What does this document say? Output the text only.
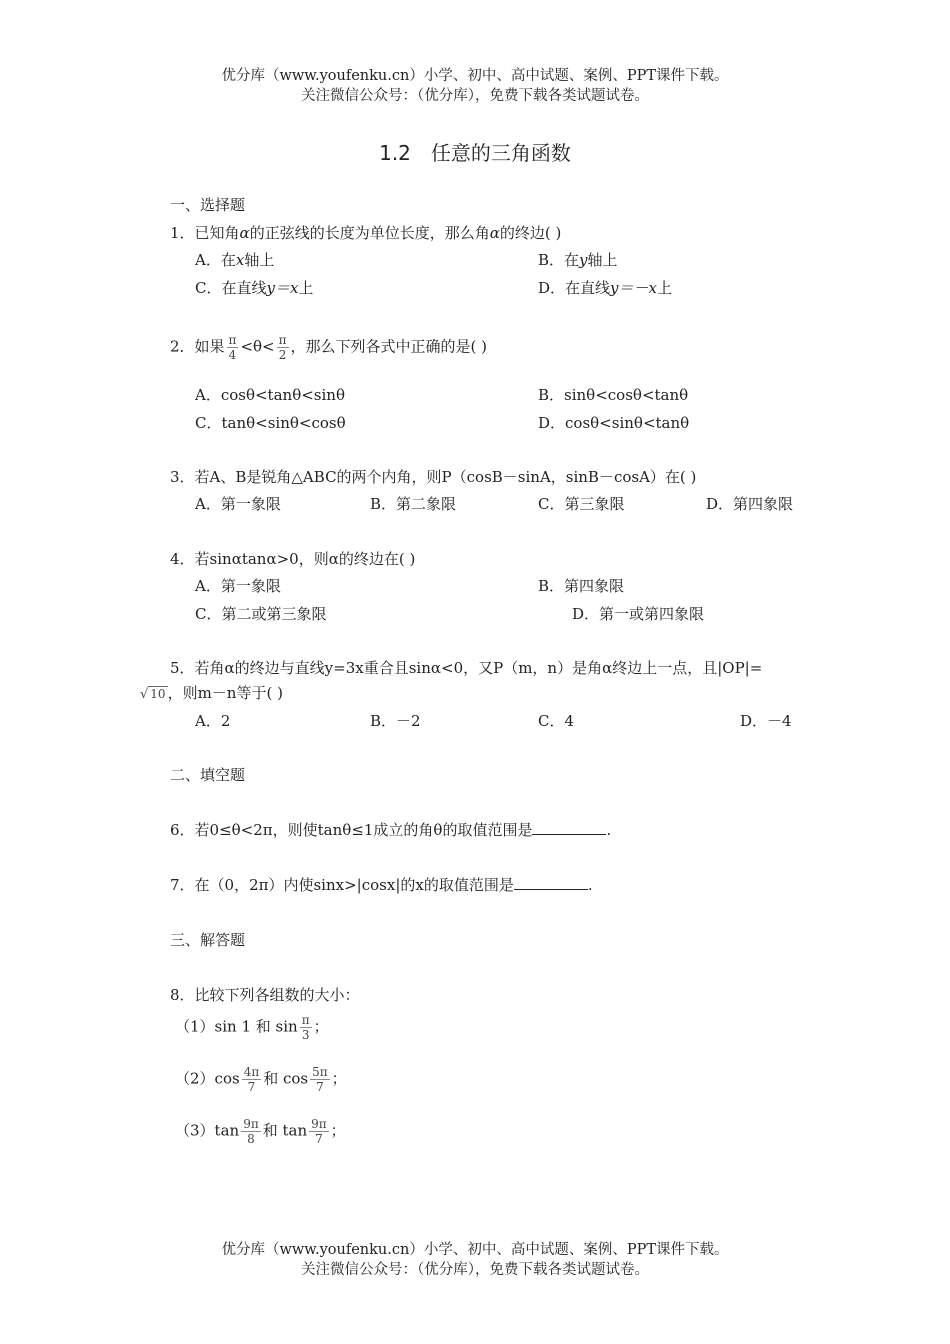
优分库（www.youfenku.cn）小学、初中、高中试题、案例、PPT课件下载。
关注微信公众号：（优分库），免费下载各类试题试卷。
1.2　任意的三角函数
一、选择题
1．已知角α的正弦线的长度为单位长度，那么角α的终边( )
A．在x轴上	B．在y轴上
C．在直线y＝x上	D．在直线y＝－x上
2．如果 $\frac{\pi}{4} <\theta< \frac{\pi}{2}$ ，那么下列各式中正确的是( )
A．cosθ<tanθ<sinθ	B．sinθ<cosθ<tanθ
C．tanθ<sinθ<cosθ	D．cosθ<sinθ<tanθ
3．若A、B是锐角△ABC的两个内角，则P（cosB－sinA，sinB－cosA）在( )
A．第一象限	B．第二象限	C．第三象限	D．第四象限
4．若sinαtanα>0，则α的终边在( )
A．第一象限	B．第四象限
C．第二或第三象限	D．第一或第四象限
5．若角α的终边与直线y=3x重合且sinα<0，又P（m，n）是角α终边上一点，且|OP|=
√ 10 ，则m－n等于( )
A．2	B．－2	C．4	D．－4
二、填空题
6．若0≤θ<2π，则使tanθ≤1成立的角θ的取值范围是	.
7．在（0，2π）内使sinx>|cosx|的x的取值范围是	.
三、解答题
8．比较下列各组数的大小：
（1）sin 1 和 $\sin \frac{\pi}{3}$ ；
$(2)\cos \frac{4\pi}{7}$ 和 $\cos \frac{5\pi}{7}$ ；
$(3)\tan \frac{9\pi}{8}$ 和 $\tan \frac{9\pi}{7}$ ；
优分库（www.youfenku.cn）小学、初中、高中试题、案例、PPT课件下载。
关注微信公众号：（优分库），免费下载各类试题试卷。
